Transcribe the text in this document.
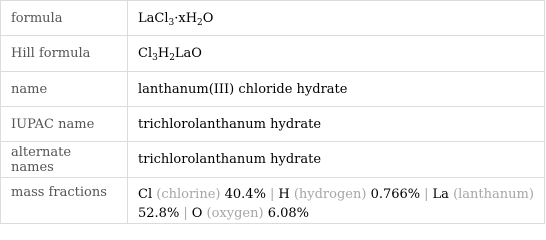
formula	$LaCl_3\cdot xH_2O$
Hill formula	$Cl_3H_2LaO$
name	lanthanum(III) chloride hydrate
IUPAC name	trichlorolanthanum hydrate
alternate names	trichlorolanthanum hydrate
mass fractions	Cl (chlorine) 40.4% | H (hydrogen) 0.766% | La (lanthanum) 52.8% | O (oxygen) 6.08%
